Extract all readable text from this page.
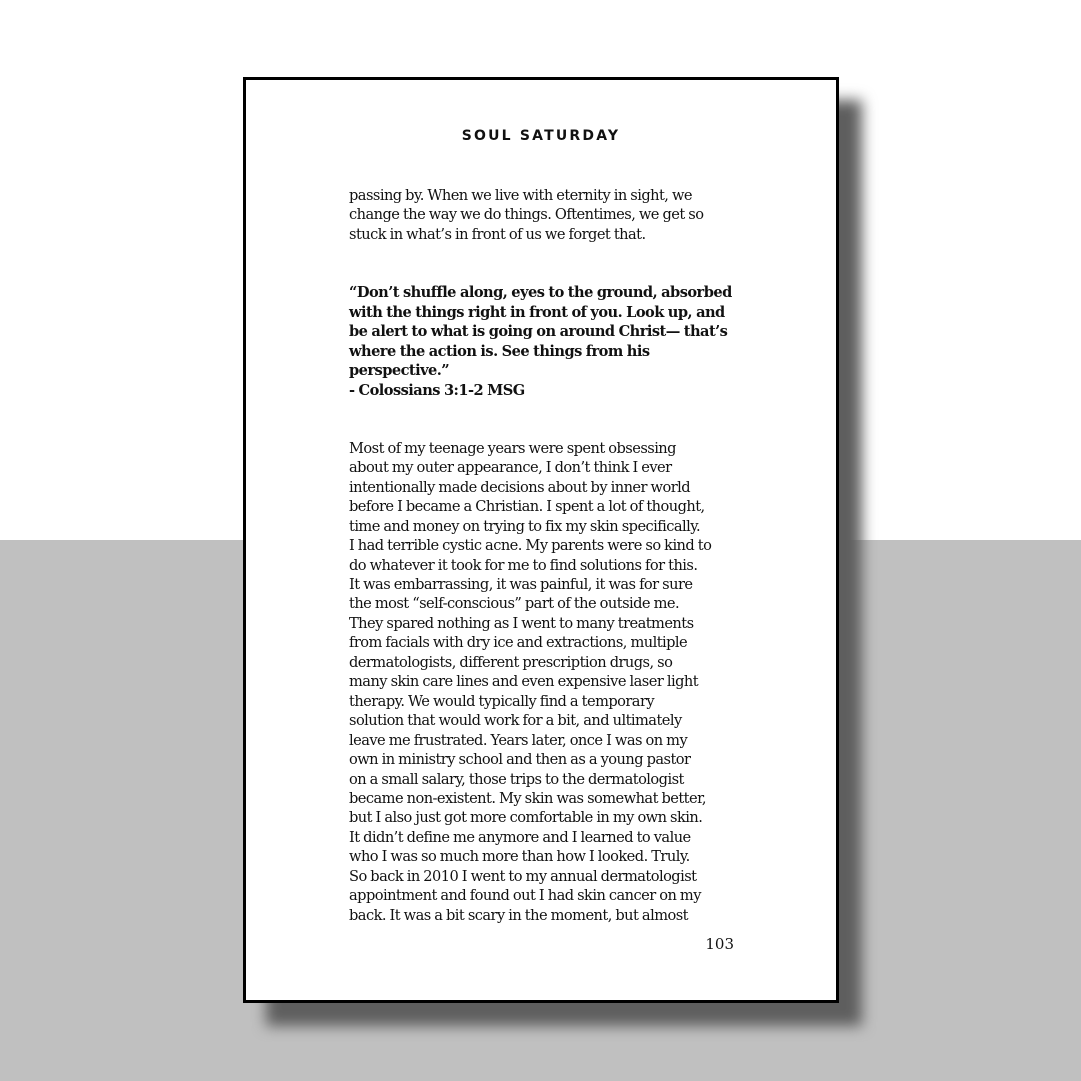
SOUL SATURDAY

passing by. When we live with eternity in sight, we
change the way we do things. Oftentimes, we get so
stuck in what’s in front of us we forget that.

“Don’t shuffle along, eyes to the ground, absorbed
with the things right in front of you. Look up, and
be alert to what is going on around Christ— that’s
where the action is. See things from his
perspective.”

- Colossians 3:1-2 MSG

Most of my teenage years were spent obsessing
about my outer appearance, I don’t think I ever
intentionally made decisions about by inner world
before I became a Christian. I spent a lot of thought,
time and money on trying to fix my skin specifically.
I had terrible cystic acne. My parents were so kind to
do whatever it took for me to find solutions for this.
It was embarrassing, it was painful, it was for sure
the most “self-conscious” part of the outside me.
They spared nothing as I went to many treatments
from facials with dry ice and extractions, multiple
dermatologists, different prescription drugs, so
many skin care lines and even expensive laser light
therapy. We would typically find a temporary
solution that would work for a bit, and ultimately
leave me frustrated. Years later, once I was on my
own in ministry school and then as a young pastor
on a small salary, those trips to the dermatologist
became non-existent. My skin was somewhat better,
but I also just got more comfortable in my own skin.
It didn’t define me anymore and I learned to value
who I was so much more than how I looked. Truly.
So back in 2010 I went to my annual dermatologist
appointment and found out I had skin cancer on my
back. It was a bit scary in the moment, but almost

103
